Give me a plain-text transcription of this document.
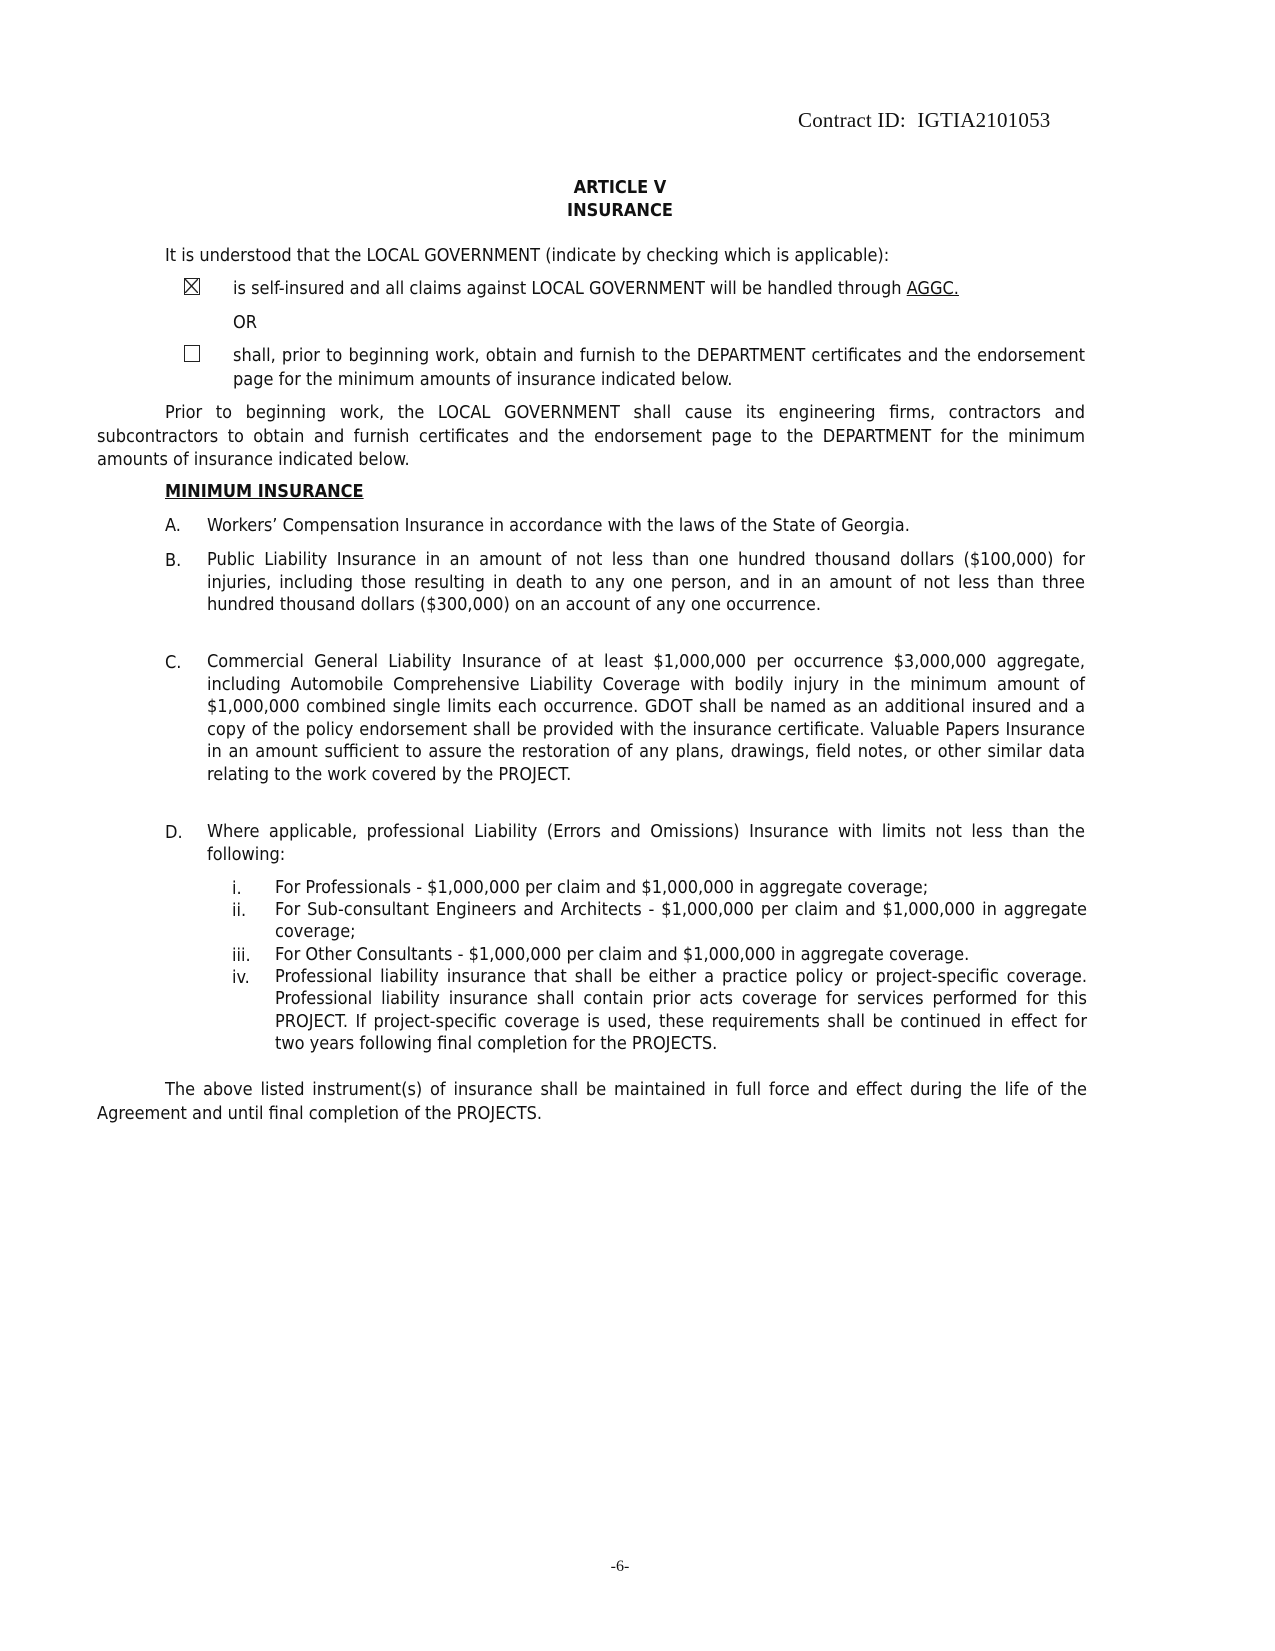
Contract ID: IGTIA2101053
ARTICLE V
INSURANCE
It is understood that the LOCAL GOVERNMENT (indicate by checking which is applicable):
is self-insured and all claims against LOCAL GOVERNMENT will be handled through AGGC.
OR
shall, prior to beginning work, obtain and furnish to the DEPARTMENT certificates and the endorsement page for the minimum amounts of insurance indicated below.
Prior to beginning work, the LOCAL GOVERNMENT shall cause its engineering firms, contractors and subcontractors to obtain and furnish certificates and the endorsement page to the DEPARTMENT for the minimum amounts of insurance indicated below.
MINIMUM INSURANCE
A. Workers’ Compensation Insurance in accordance with the laws of the State of Georgia.
B. Public Liability Insurance in an amount of not less than one hundred thousand dollars ($100,000) for injuries, including those resulting in death to any one person, and in an amount of not less than three hundred thousand dollars ($300,000) on an account of any one occurrence.
C. Commercial General Liability Insurance of at least $1,000,000 per occurrence $3,000,000 aggregate, including Automobile Comprehensive Liability Coverage with bodily injury in the minimum amount of $1,000,000 combined single limits each occurrence. GDOT shall be named as an additional insured and a copy of the policy endorsement shall be provided with the insurance certificate. Valuable Papers Insurance in an amount sufficient to assure the restoration of any plans, drawings, field notes, or other similar data relating to the work covered by the PROJECT.
D. Where applicable, professional Liability (Errors and Omissions) Insurance with limits not less than the following:
i. For Professionals - $1,000,000 per claim and $1,000,000 in aggregate coverage;
ii. For Sub-consultant Engineers and Architects - $1,000,000 per claim and $1,000,000 in aggregate coverage;
iii. For Other Consultants - $1,000,000 per claim and $1,000,000 in aggregate coverage.
iv. Professional liability insurance that shall be either a practice policy or project-specific coverage. Professional liability insurance shall contain prior acts coverage for services performed for this PROJECT. If project-specific coverage is used, these requirements shall be continued in effect for two years following final completion for the PROJECTS.
The above listed instrument(s) of insurance shall be maintained in full force and effect during the life of the Agreement and until final completion of the PROJECTS.
-6-
